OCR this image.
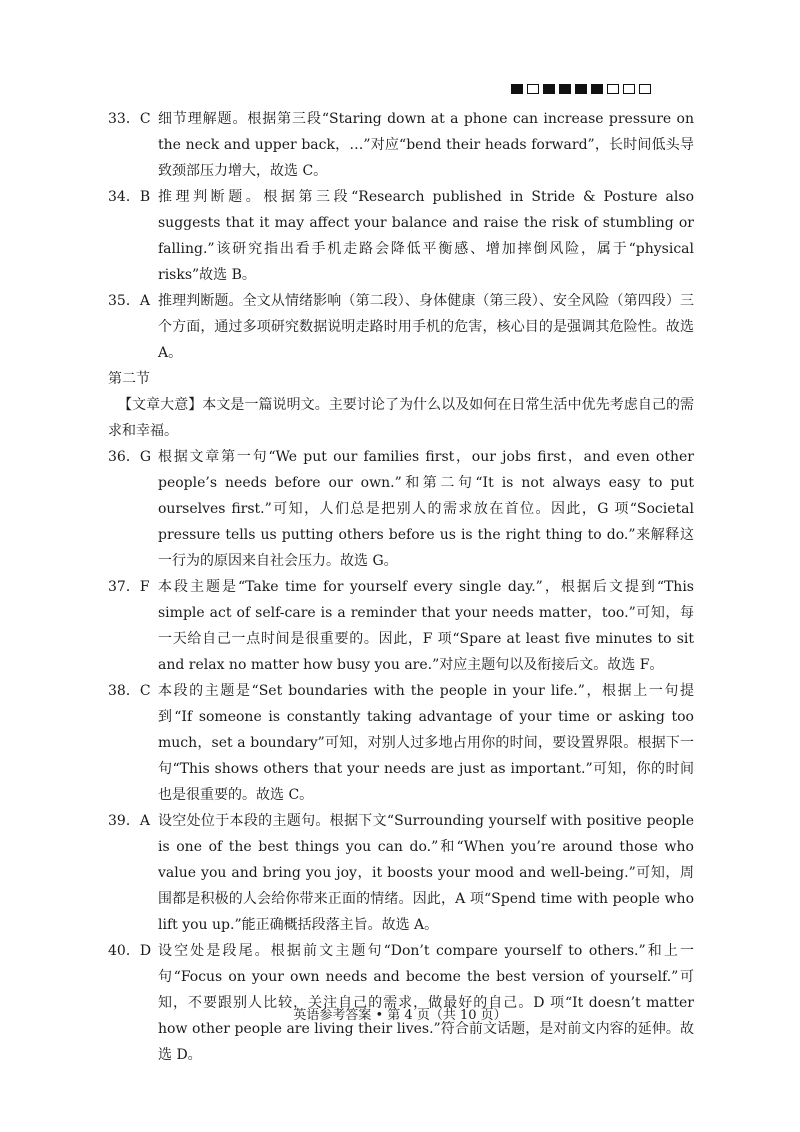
33．C 细节理解题。根据第三段“Staring down at a phone can increase pressure on the neck and upper back，…”对应“bend their heads forward”，长时间低头导致颈部压力增大，故选 C。
34．B 推理判断题。根据第三段“Research published in Stride & Posture also suggests that it may affect your balance and raise the risk of stumbling or falling.”该研究指出看手机走路会降低平衡感、增加摔倒风险，属于“physical risks”故选 B。
35．A 推理判断题。全文从情绪影响（第二段）、身体健康（第三段）、安全风险（第四段）三个方面，通过多项研究数据说明走路时用手机的危害，核心目的是强调其危险性。故选 A。
第二节
【文章大意】本文是一篇说明文。主要讨论了为什么以及如何在日常生活中优先考虑自己的需求和幸福。
36．G 根据文章第一句“We put our families first，our jobs first，and even other people’s needs before our own.”和第二句“It is not always easy to put ourselves first.”可知，人们总是把别人的需求放在首位。因此，G 项“Societal pressure tells us putting others before us is the right thing to do.”来解释这一行为的原因来自社会压力。故选 G。
37．F 本段主题是“Take time for yourself every single day.”，根据后文提到“This simple act of self-care is a reminder that your needs matter，too.”可知，每一天给自己一点时间是很重要的。因此，F 项“Spare at least five minutes to sit and relax no matter how busy you are.”对应主题句以及衔接后文。故选 F。
38．C 本段的主题是“Set boundaries with the people in your life.”，根据上一句提到“If someone is constantly taking advantage of your time or asking too much，set a boundary”可知，对别人过多地占用你的时间，要设置界限。根据下一句“This shows others that your needs are just as important.”可知，你的时间也是很重要的。故选 C。
39．A 设空处位于本段的主题句。根据下文“Surrounding yourself with positive people is one of the best things you can do.”和“When you’re around those who value you and bring you joy，it boosts your mood and well-being.”可知，周围都是积极的人会给你带来正面的情绪。因此，A 项“Spend time with people who lift you up.”能正确概括段落主旨。故选 A。
40．D 设空处是段尾。根据前文主题句“Don’t compare yourself to others.”和上一句“Focus on your own needs and become the best version of yourself.”可知，不要跟别人比较，关注自己的需求，做最好的自己。D 项“It doesn’t matter how other people are living their lives.”符合前文话题，是对前文内容的延伸。故选 D。
英语参考答案 • 第 4 页（共 10 页）
